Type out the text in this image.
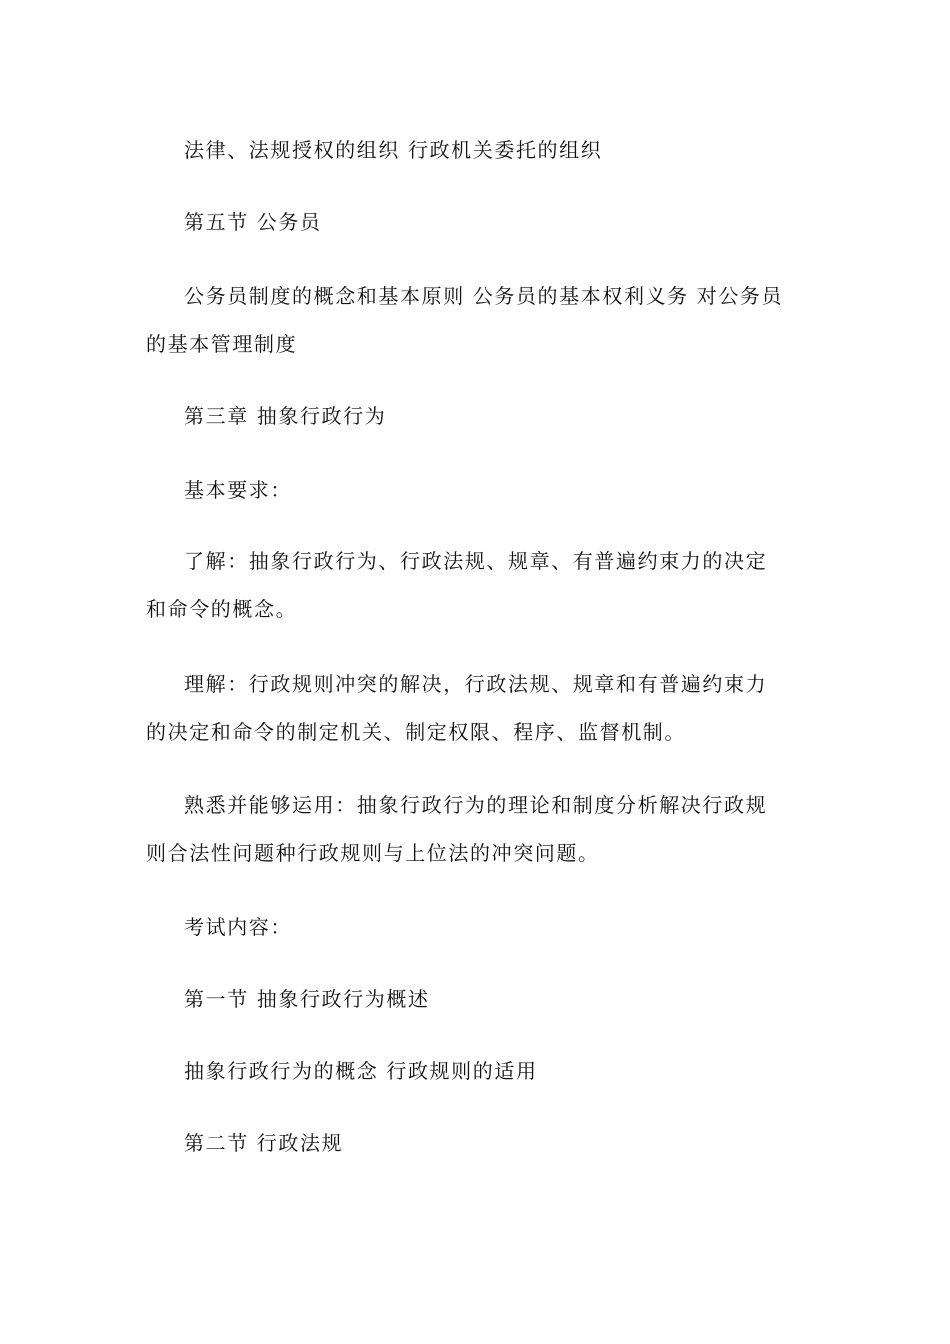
法律、法规授权的组织 行政机关委托的组织

第五节 公务员

公务员制度的概念和基本原则 公务员的基本权利义务 对公务员的基本管理制度

第三章 抽象行政行为

基本要求：

了解：抽象行政行为、行政法规、规章、有普遍约束力的决定和命令的概念。

理解：行政规则冲突的解决，行政法规、规章和有普遍约束力的决定和命令的制定机关、制定权限、程序、监督机制。

熟悉并能够运用：抽象行政行为的理论和制度分析解决行政规则合法性问题种行政规则与上位法的冲突问题。

考试内容：

第一节 抽象行政行为概述

抽象行政行为的概念 行政规则的适用

第二节 行政法规
